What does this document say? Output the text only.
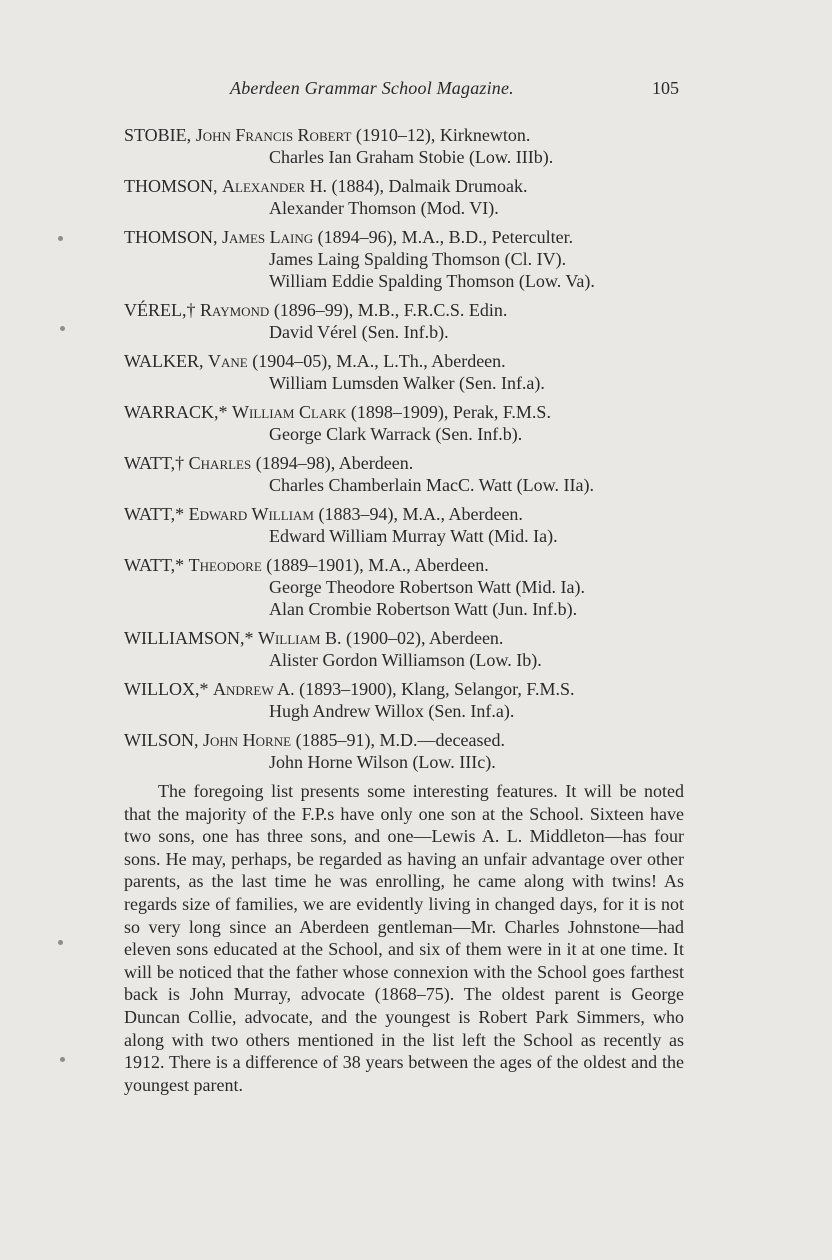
Aberdeen Grammar School Magazine.	105
STOBIE, John Francis Robert (1910–12), Kirknewton.
Charles Ian Graham Stobie (Low. IIIb).
THOMSON, Alexander H. (1884), Dalmaik Drumoak.
Alexander Thomson (Mod. VI).
THOMSON, James Laing (1894–96), M.A., B.D., Peterculter.
James Laing Spalding Thomson (Cl. IV).
William Eddie Spalding Thomson (Low. Va).
VÉREL,† Raymond (1896–99), M.B., F.R.C.S. Edin.
David Vérel (Sen. Inf.b).
WALKER, Vane (1904–05), M.A., L.Th., Aberdeen.
William Lumsden Walker (Sen. Inf.a).
WARRACK,* William Clark (1898–1909), Perak, F.M.S.
George Clark Warrack (Sen. Inf.b).
WATT,† Charles (1894–98), Aberdeen.
Charles Chamberlain MacC. Watt (Low. IIa).
WATT,* Edward William (1883–94), M.A., Aberdeen.
Edward William Murray Watt (Mid. Ia).
WATT,* Theodore (1889–1901), M.A., Aberdeen.
George Theodore Robertson Watt (Mid. Ia).
Alan Crombie Robertson Watt (Jun. Inf.b).
WILLIAMSON,* William B. (1900–02), Aberdeen.
Alister Gordon Williamson (Low. Ib).
WILLOX,* Andrew A. (1893–1900), Klang, Selangor, F.M.S.
Hugh Andrew Willox (Sen. Inf.a).
WILSON, John Horne (1885–91), M.D.—deceased.
John Horne Wilson (Low. IIIc).

The foregoing list presents some interesting features. It will be noted that the majority of the F.P.s have only one son at the School. Sixteen have two sons, one has three sons, and one—Lewis A. L. Middleton—has four sons. He may, perhaps, be regarded as having an unfair advantage over other parents, as the last time he was enrolling, he came along with twins! As regards size of families, we are evidently living in changed days, for it is not so very long since an Aberdeen gentleman—Mr. Charles Johnstone—had eleven sons educated at the School, and six of them were in it at one time. It will be noticed that the father whose connexion with the School goes farthest back is John Murray, advocate (1868–75). The oldest parent is George Duncan Collie, advocate, and the youngest is Robert Park Simmers, who along with two others mentioned in the list left the School as recently as 1912. There is a difference of 38 years between the ages of the oldest and the youngest parent.
